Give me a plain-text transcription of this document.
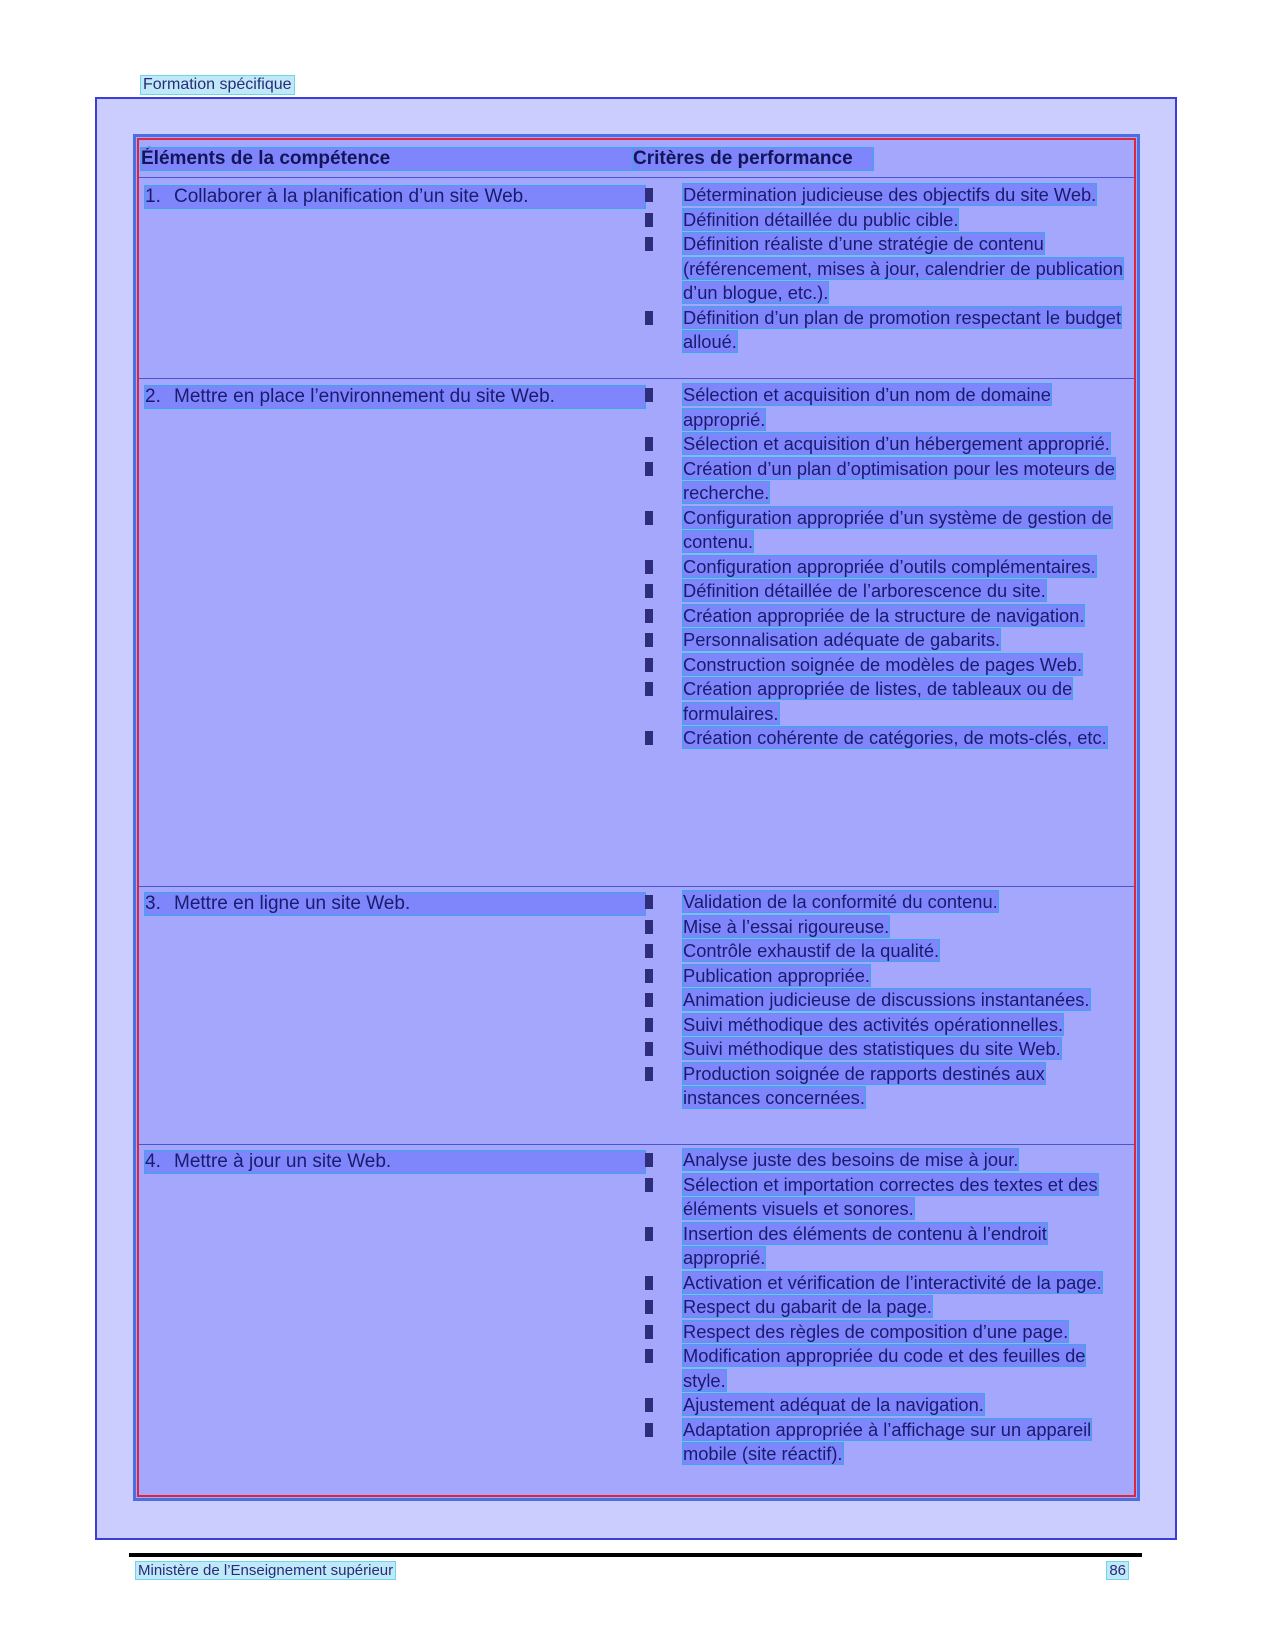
Formation spécifique
Éléments de la compétence	Critères de performance
1. Collaborer à la planification d’un site Web.	Détermination judicieuse des objectifs du site Web.
Définition détaillée du public cible.
Définition réaliste d’une stratégie de contenu (référencement, mises à jour, calendrier de publication d’un blogue, etc.).
Définition d’un plan de promotion respectant le budget alloué.
2. Mettre en place l’environnement du site Web.	Sélection et acquisition d’un nom de domaine approprié.
Sélection et acquisition d’un hébergement approprié.
Création d’un plan d’optimisation pour les moteurs de recherche.
Configuration appropriée d’un système de gestion de contenu.
Configuration appropriée d’outils complémentaires.
Définition détaillée de l’arborescence du site.
Création appropriée de la structure de navigation.
Personnalisation adéquate de gabarits.
Construction soignée de modèles de pages Web.
Création appropriée de listes, de tableaux ou de formulaires.
Création cohérente de catégories, de mots-clés, etc.
3. Mettre en ligne un site Web.	Validation de la conformité du contenu.
Mise à l’essai rigoureuse.
Contrôle exhaustif de la qualité.
Publication appropriée.
Animation judicieuse de discussions instantanées.
Suivi méthodique des activités opérationnelles.
Suivi méthodique des statistiques du site Web.
Production soignée de rapports destinés aux instances concernées.
4. Mettre à jour un site Web.	Analyse juste des besoins de mise à jour.
Sélection et importation correctes des textes et des éléments visuels et sonores.
Insertion des éléments de contenu à l’endroit approprié.
Activation et vérification de l’interactivité de la page.
Respect du gabarit de la page.
Respect des règles de composition d’une page.
Modification appropriée du code et des feuilles de style.
Ajustement adéquat de la navigation.
Adaptation appropriée à l’affichage sur un appareil mobile (site réactif).
Ministère de l’Enseignement supérieur	86
